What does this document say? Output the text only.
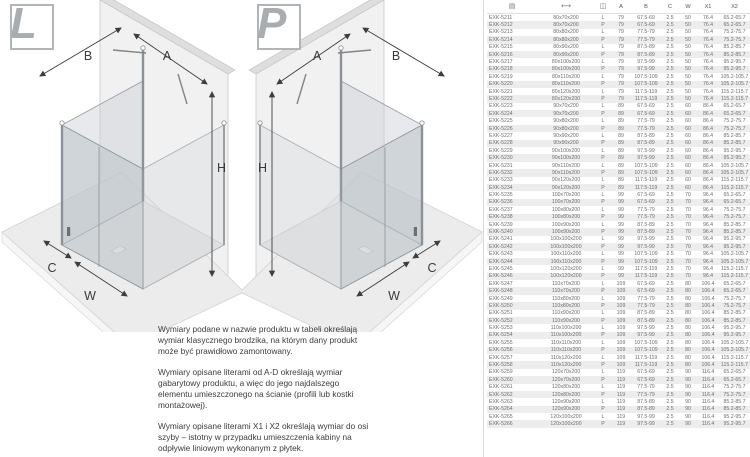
B	A
H
C
W
B
A
H
C
W
L	P

Wymiary podane w nazwie produktu w tabeli określają wymiar klasycznego brodzika, na którym dany produkt może być prawidłowo zamontowany.

Wymiary opisane literami od A-D określają wymiar gabarytowy produktu, a więc do jego najdalszego elementu umieszczonego na ścianie (profili lub kostki montażowej).

Wymiary opisane literami X1 i X2 określają wymiar do osi szyby – istotny w przypadku umieszczenia kabiny na odpływie liniowym wykonanym z płytek.

▤	⟷	◫	A	B	C	W	X1	X2
EXK-5211	80x70x200	L	79	67.5-69	2.5	50	76.4	65.2-65.7
EXK-5212	80x70x200	P	79	67.5-69	2.5	50	76.4	65.2-65.7
EXK-5213	80x80x200	L	79	77.5-79	2.5	50	76.4	75.2-75.7
EXK-5214	80x80x200	P	79	77.5-79	2.5	50	76.4	75.2-75.7
EXK-5215	80x90x200	L	79	87.5-89	2.5	50	76.4	85.2-85.7
EXK-5216	80x90x200	P	79	87.5-89	2.5	50	76.4	85.2-85.7
EXK-5217	80x100x200	L	79	97.5-99	2.5	50	76.4	95.2-95.7
EXK-5218	80x100x200	P	79	97.5-99	2.5	50	76.4	95.2-95.7
EXK-5219	80x110x200	L	79	107.5-109	2.5	50	76.4	105.2-105.7
EXK-5220	80x110x200	P	79	107.5-109	2.5	50	76.4	105.2-105.7
EXK-5221	80x120x200	L	79	117.5-119	2.5	50	76.4	115.2-115.7
EXK-5222	80x120x200	P	79	117.5-119	2.5	50	76.4	115.2-115.7
EXK-5223	90x70x200	L	89	67.5-69	2.5	60	86.4	65.2-65.7
EXK-5224	90x70x200	P	89	67.5-69	2.5	60	86.4	65.2-65.7
EXK-5225	90x80x200	L	89	77.5-79	2.5	60	86.4	75.2-75.7
EXK-5226	90x80x200	P	89	77.5-79	2.5	60	86.4	75.2-75.7
EXK-5227	90x90x200	L	89	87.5-89	2.5	60	86.4	85.2-85.7
EXK-5228	90x90x200	P	89	87.5-89	2.5	60	86.4	85.2-85.7
EXK-5229	90x100x200	L	89	97.5-99	2.5	60	86.4	95.2-95.7
EXK-5230	90x100x200	P	89	97.5-99	2.5	60	86.4	95.2-95.7
EXK-5231	90x110x200	L	89	107.5-109	2.5	60	86.4	105.2-105.7
EXK-5232	90x110x200	P	89	107.5-109	2.5	60	86.4	105.2-105.7
EXK-5233	90x120x200	L	89	117.5-119	2.5	60	86.4	115.2-115.7
EXK-5234	90x120x200	P	89	117.5-119	2.5	60	86.4	115.2-115.7
EXK-5235	100x70x200	L	99	67.5-69	2.5	70	96.4	65.2-65.7
EXK-5236	100x70x200	P	99	67.5-69	2.5	70	96.4	65.2-65.7
EXK-5237	100x80x200	L	99	77.5-79	2.5	70	96.4	75.2-75.7
EXK-5238	100x80x200	P	99	77.5-79	2.5	70	96.4	75.2-75.7
EXK-5239	100x90x200	L	99	87.5-89	2.5	70	96.4	85.2-85.7
EXK-5240	100x90x200	P	99	87.5-89	2.5	70	96.4	85.2-85.7
EXK-5241	100x100x200	L	99	97.5-99	2.5	70	96.4	95.2-95.7
EXK-5242	100x100x200	P	99	97.5-99	2.5	70	96.4	95.2-95.7
EXK-5243	100x110x200	L	99	107.5-109	2.5	70	96.4	105.2-105.7
EXK-5244	100x110x200	P	99	107.5-109	2.5	70	96.4	105.2-105.7
EXK-5245	100x120x200	L	99	117.5-119	2.5	70	96.4	115.2-115.7
EXK-5246	100x120x200	P	99	117.5-119	2.5	70	96.4	115.2-115.7
EXK-5247	110x70x200	L	109	67.5-69	2.5	80	106.4	65.2-65.7
EXK-5248	110x70x200	P	109	67.5-69	2.5	80	106.4	65.2-65.7
EXK-5249	110x80x200	L	109	77.5-79	2.5	80	106.4	75.2-75.7
EXK-5250	110x80x200	P	109	77.5-79	2.5	80	106.4	75.2-75.7
EXK-5251	110x90x200	L	109	87.5-89	2.5	80	106.4	85.2-85.7
EXK-5252	110x90x200	P	109	87.5-89	2.5	80	106.4	85.2-85.7
EXK-5253	110x100x200	L	109	97.5-99	2.5	80	106.4	95.2-95.7
EXK-5254	110x100x200	P	109	97.5-99	2.5	80	106.4	95.2-95.7
EXK-5255	110x110x200	L	109	107.5-109	2.5	80	106.4	105.2-105.7
EXK-5256	110x110x200	P	109	107.5-109	2.5	80	106.4	105.2-105.7
EXK-5257	110x120x200	L	109	117.5-119	2.5	80	106.4	115.2-115.7
EXK-5258	110x120x200	P	109	117.5-119	2.5	80	106.4	115.2-115.7
EXK-5259	120x70x200	L	119	67.5-69	2.5	90	116.4	65.2-65.7
EXK-5260	120x70x200	P	119	67.5-69	2.5	90	116.4	65.2-65.7
EXK-5261	120x80x200	L	119	77.5-79	2.5	90	116.4	75.2-75.7
EXK-5262	120x80x200	P	119	77.5-79	2.5	90	116.4	75.2-75.7
EXK-5263	120x90x200	L	119	87.5-89	2.5	90	116.4	85.2-85.7
EXK-5264	120x90x200	P	119	87.5-89	2.5	90	116.4	85.2-85.7
EXK-5265	120x100x200	L	119	97.5-99	2.5	90	116.4	95.2-95.7
EXK-5266	120x100x200	P	119	97.5-99	2.5	90	116.4	95.2-95.7
